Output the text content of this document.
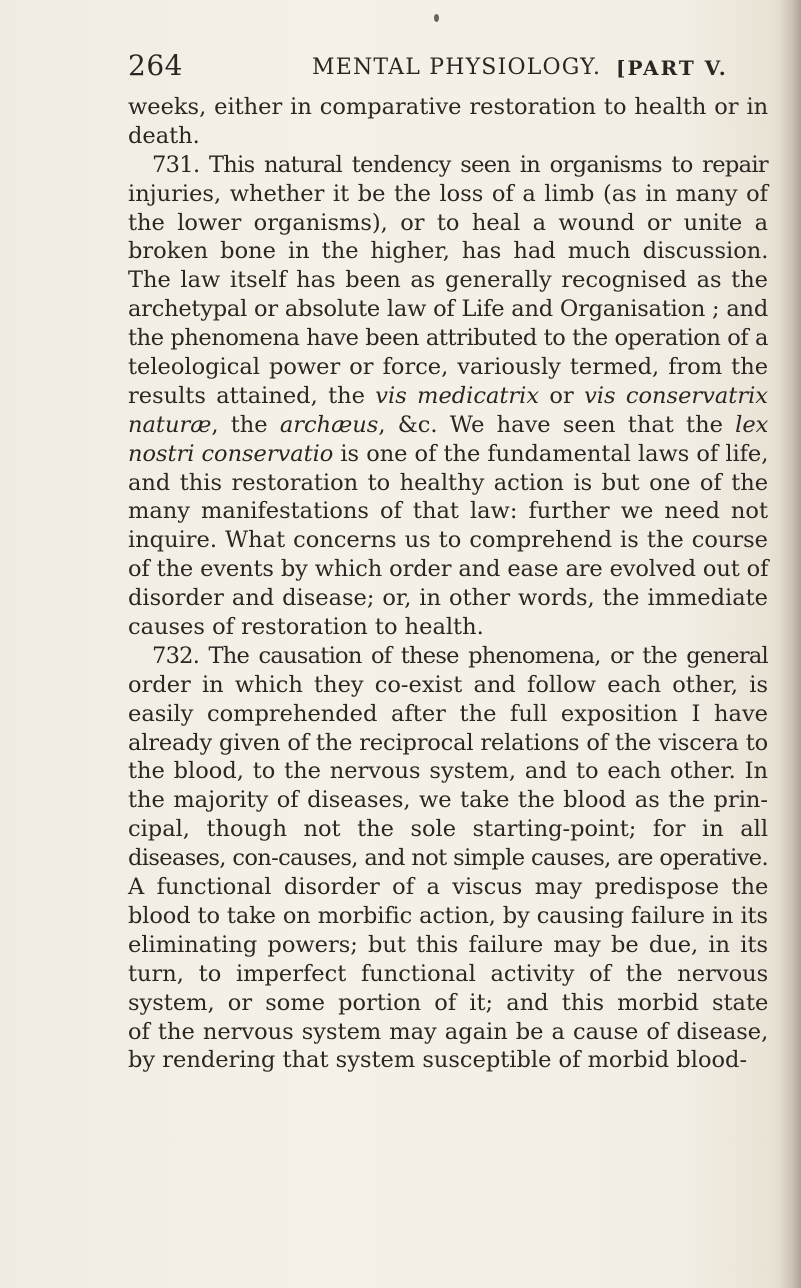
264	MENTAL PHYSIOLOGY. [PART V.
weeks, either in comparative restoration to health or in
death.
731. This natural tendency seen in organisms to repair
injuries, whether it be the loss of a limb (as in many of
the lower organisms), or to heal a wound or unite a
broken bone in the higher, has had much discussion.
The law itself has been as generally recognised as the
archetypal or absolute law of Life and Organisation ; and
the phenomena have been attributed to the operation of a
teleological power or force, variously termed, from the
results attained, the vis medicatrix or vis conservatrix
naturæ, the archæus, &c. We have seen that the lex
nostri conservatio is one of the fundamental laws of life,
and this restoration to healthy action is but one of the
many manifestations of that law: further we need not
inquire. What concerns us to comprehend is the course
of the events by which order and ease are evolved out of
disorder and disease; or, in other words, the immediate
causes of restoration to health.
732. The causation of these phenomena, or the general
order in which they co-exist and follow each other, is
easily comprehended after the full exposition I have
already given of the reciprocal relations of the viscera to
the blood, to the nervous system, and to each other. In
the majority of diseases, we take the blood as the prin-
cipal, though not the sole starting-point; for in all
diseases, con-causes, and not simple causes, are operative.
A functional disorder of a viscus may predispose the
blood to take on morbific action, by causing failure in its
eliminating powers; but this failure may be due, in its
turn, to imperfect functional activity of the nervous
system, or some portion of it; and this morbid state
of the nervous system may again be a cause of disease,
by rendering that system susceptible of morbid blood-
